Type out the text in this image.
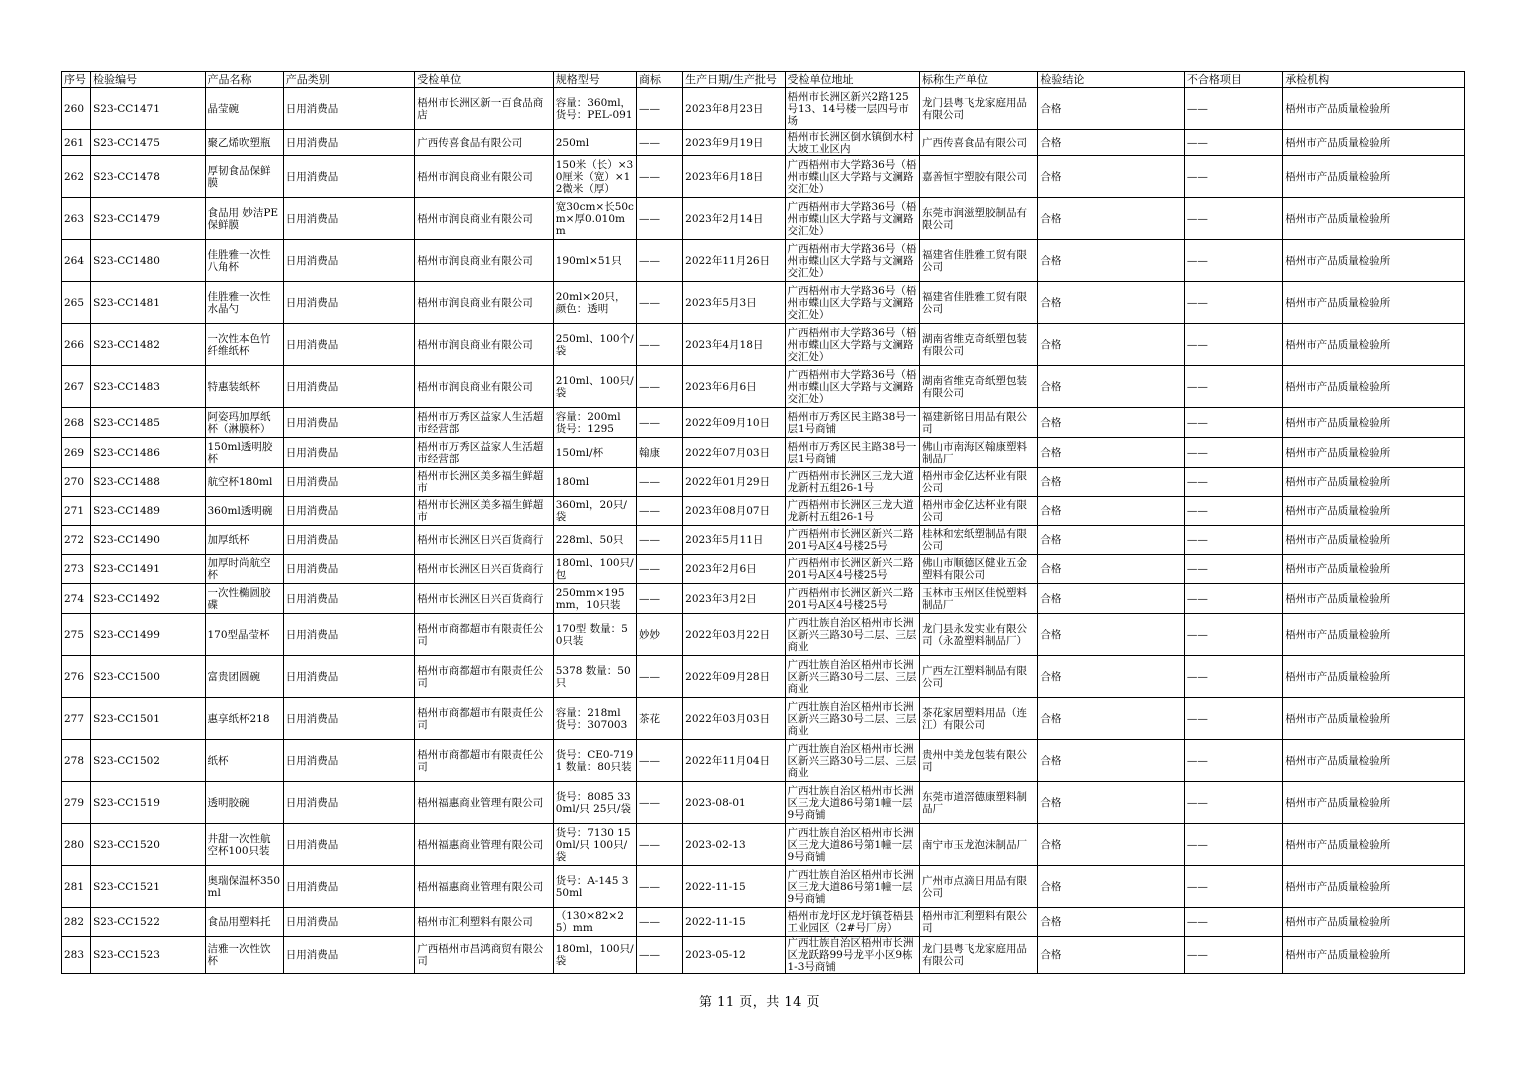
序号	检验编号	产品名称	产品类别	受检单位	规格型号	商标	生产日期/生产批号	受检单位地址	标称生产单位	检验结论	不合格项目	承检机构
260	S23-CC1471	晶莹碗	日用消费品	梧州市长洲区新一百食品商店	容量：360ml，货号：PEL-091	——	2023年8月23日	梧州市长洲区新兴2路125号13、14号楼一层四号市场	龙门县粤飞龙家庭用品有限公司	合格	——	梧州市产品质量检验所
261	S23-CC1475	聚乙烯吹塑瓶	日用消费品	广西传喜食品有限公司	250ml	——	2023年9月19日	梧州市长洲区倒水镇倒水村大坡工业区内	广西传喜食品有限公司	合格	——	梧州市产品质量检验所
262	S23-CC1478	厚韧食品保鲜膜	日用消费品	梧州市润良商业有限公司	150米（长）×30厘米（宽）×12微米（厚）	——	2023年6月18日	广西梧州市大学路36号（梧州市蝶山区大学路与文澜路交汇处）	嘉善恒宇塑胶有限公司	合格	——	梧州市产品质量检验所
263	S23-CC1479	食品用 妙洁PE保鲜膜	日用消费品	梧州市润良商业有限公司	宽30cm×长50cm×厚0.010mm	——	2023年2月14日	广西梧州市大学路36号（梧州市蝶山区大学路与文澜路交汇处）	东莞市润滋塑胶制品有限公司	合格	——	梧州市产品质量检验所
264	S23-CC1480	佳胜雅一次性八角杯	日用消费品	梧州市润良商业有限公司	190ml×51只	——	2022年11月26日	广西梧州市大学路36号（梧州市蝶山区大学路与文澜路交汇处）	福建省佳胜雅工贸有限公司	合格	——	梧州市产品质量检验所
265	S23-CC1481	佳胜雅一次性水晶勺	日用消费品	梧州市润良商业有限公司	20ml×20只，颜色：透明	——	2023年5月3日	广西梧州市大学路36号（梧州市蝶山区大学路与文澜路交汇处）	福建省佳胜雅工贸有限公司	合格	——	梧州市产品质量检验所
266	S23-CC1482	一次性本色竹纤维纸杯	日用消费品	梧州市润良商业有限公司	250ml、100个/袋	——	2023年4月18日	广西梧州市大学路36号（梧州市蝶山区大学路与文澜路交汇处）	湖南省维克奇纸塑包装有限公司	合格	——	梧州市产品质量检验所
267	S23-CC1483	特惠装纸杯	日用消费品	梧州市润良商业有限公司	210ml、100只/袋	——	2023年6月6日	广西梧州市大学路36号（梧州市蝶山区大学路与文澜路交汇处）	湖南省维克奇纸塑包装有限公司	合格	——	梧州市产品质量检验所
268	S23-CC1485	阿姿玛加厚纸杯（淋膜杯）	日用消费品	梧州市万秀区益家人生活超市经营部	容量：200ml 货号：1295	——	2022年09月10日	梧州市万秀区民主路38号一层1号商铺	福建新铭日用品有限公司	合格	——	梧州市产品质量检验所
269	S23-CC1486	150ml透明胶杯	日用消费品	梧州市万秀区益家人生活超市经营部	150ml/杯	翰康	2022年07月03日	梧州市万秀区民主路38号一层1号商铺	佛山市南海区翰康塑料制品厂	合格	——	梧州市产品质量检验所
270	S23-CC1488	航空杯180ml	日用消费品	梧州市长洲区美多福生鲜超市	180ml	——	2022年01月29日	广西梧州市长洲区三龙大道龙新村五组26-1号	梧州市金亿达杯业有限公司	合格	——	梧州市产品质量检验所
271	S23-CC1489	360ml透明碗	日用消费品	梧州市长洲区美多福生鲜超市	360ml，20只/袋	——	2023年08月07日	广西梧州市长洲区三龙大道龙新村五组26-1号	梧州市金亿达杯业有限公司	合格	——	梧州市产品质量检验所
272	S23-CC1490	加厚纸杯	日用消费品	梧州市长洲区日兴百货商行	228ml、50只	——	2023年5月11日	广西梧州市长洲区新兴二路201号A区4号楼25号	桂林和宏纸塑制品有限公司	合格	——	梧州市产品质量检验所
273	S23-CC1491	加厚时尚航空杯	日用消费品	梧州市长洲区日兴百货商行	180ml、100只/包	——	2023年2月6日	广西梧州市长洲区新兴二路201号A区4号楼25号	佛山市顺德区健业五金塑料有限公司	合格	——	梧州市产品质量检验所
274	S23-CC1492	一次性椭圆胶碟	日用消费品	梧州市长洲区日兴百货商行	250mm×195mm，10只装	——	2023年3月2日	广西梧州市长洲区新兴二路201号A区4号楼25号	玉林市玉州区佳悦塑料制品厂	合格	——	梧州市产品质量检验所
275	S23-CC1499	170型晶莹杯	日用消费品	梧州市商都超市有限责任公司	170型 数量：50只装	妙妙	2022年03月22日	广西壮族自治区梧州市长洲区新兴三路30号二层、三层商业	龙门县永发实业有限公司（永盈塑料制品厂）	合格	——	梧州市产品质量检验所
276	S23-CC1500	富贵团圆碗	日用消费品	梧州市商都超市有限责任公司	5378 数量：50只	——	2022年09月28日	广西壮族自治区梧州市长洲区新兴三路30号二层、三层商业	广西左江塑料制品有限公司	合格	——	梧州市产品质量检验所
277	S23-CC1501	惠享纸杯218	日用消费品	梧州市商都超市有限责任公司	容量：218ml 货号：307003	茶花	2022年03月03日	广西壮族自治区梧州市长洲区新兴三路30号二层、三层商业	茶花家居塑料用品（连江）有限公司	合格	——	梧州市产品质量检验所
278	S23-CC1502	纸杯	日用消费品	梧州市商都超市有限责任公司	货号：CE0-7191 数量：80只装	——	2022年11月04日	广西壮族自治区梧州市长洲区新兴三路30号二层、三层商业	贵州中美龙包装有限公司	合格	——	梧州市产品质量检验所
279	S23-CC1519	透明胶碗	日用消费品	梧州福惠商业管理有限公司	货号：8085 330ml/只 25只/袋	——	2023-08-01	广西壮族自治区梧州市长洲区三龙大道86号第1幢一层9号商铺	东莞市道滘德康塑料制品厂	合格	——	梧州市产品质量检验所
280	S23-CC1520	井甜一次性航空杯100只装	日用消费品	梧州福惠商业管理有限公司	货号：7130 150ml/只 100只/袋	——	2023-02-13	广西壮族自治区梧州市长洲区三龙大道86号第1幢一层9号商铺	南宁市玉龙泡沫制品厂	合格	——	梧州市产品质量检验所
281	S23-CC1521	奥瑞保温杯350ml	日用消费品	梧州福惠商业管理有限公司	货号：A-145 350ml	——	2022-11-15	广西壮族自治区梧州市长洲区三龙大道86号第1幢一层9号商铺	广州市点滴日用品有限公司	合格	——	梧州市产品质量检验所
282	S23-CC1522	食品用塑料托	日用消费品	梧州市汇利塑料有限公司	（130×82×25）mm	——	2022-11-15	梧州市龙圩区龙圩镇苍梧县工业园区（2#号厂房）	梧州市汇利塑料有限公司	合格	——	梧州市产品质量检验所
283	S23-CC1523	洁雅一次性饮杯	日用消费品	广西梧州市昌鸿商贸有限公司	180ml，100只/袋	——	2023-05-12	广西壮族自治区梧州市长洲区龙跃路99号龙平小区9栋1-3号商铺	龙门县粤飞龙家庭用品有限公司	合格	——	梧州市产品质量检验所
第 11 页，共 14 页
